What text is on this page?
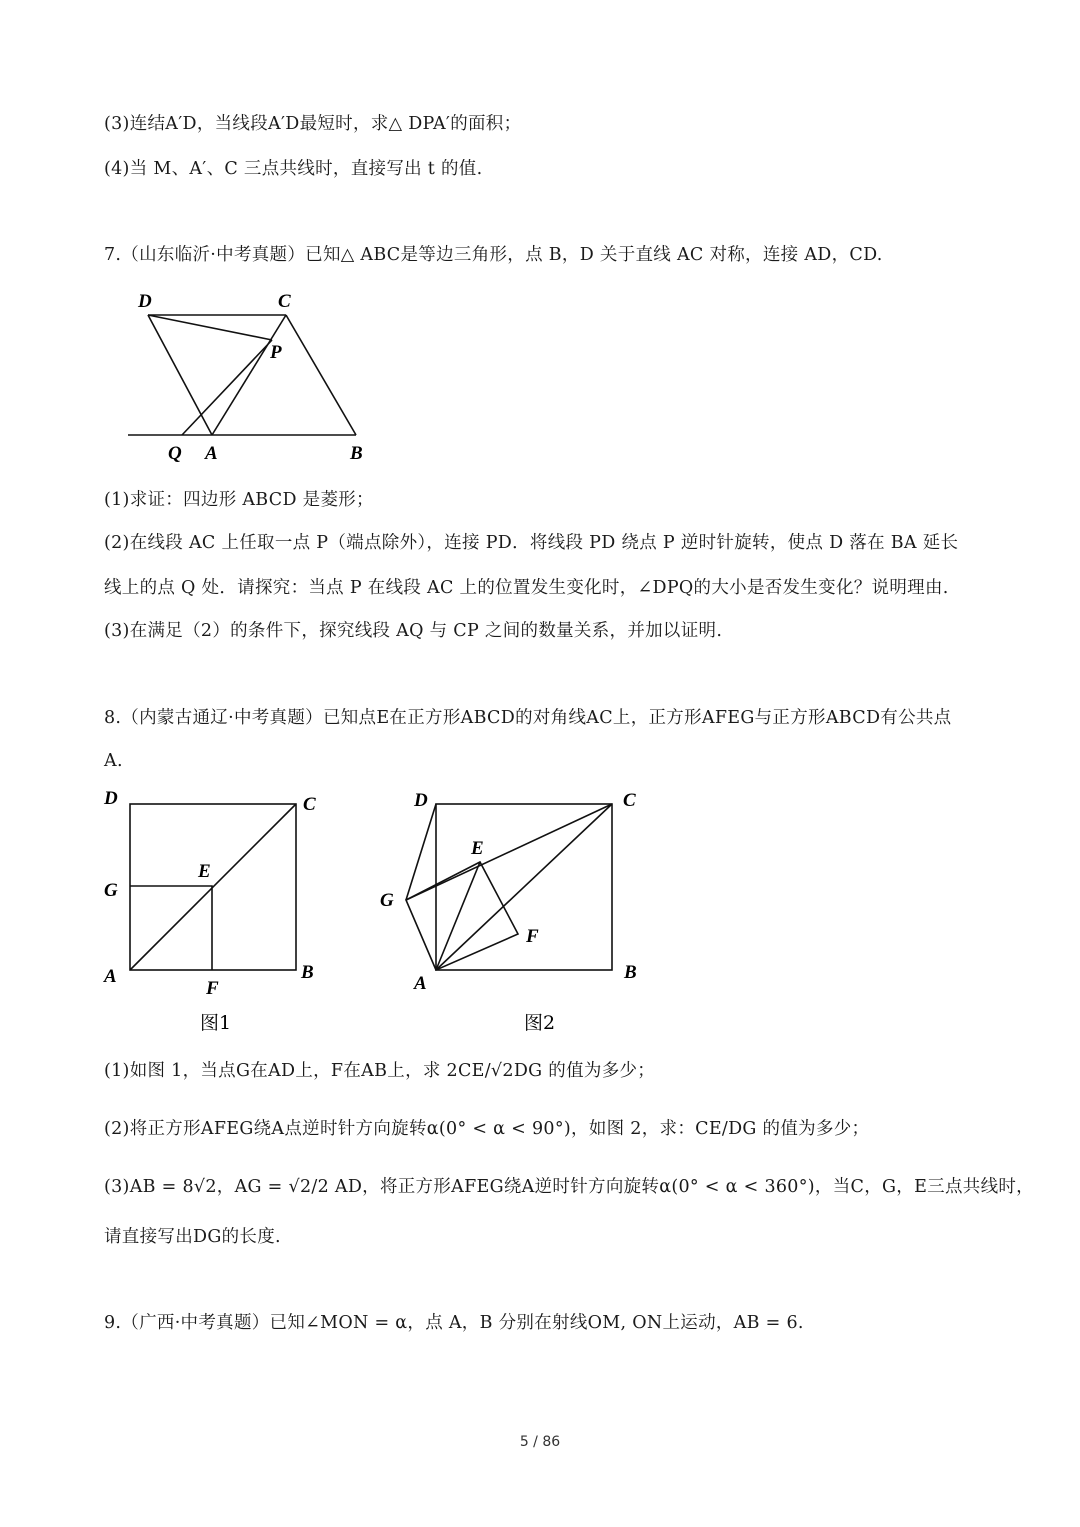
(3)连结A′D，当线段A′D最短时，求△ DPA′的面积；
(4)当 M、A′、C 三点共线时，直接写出 t 的值.
7.（山东临沂·中考真题）已知△ ABC是等边三角形，点 B，D 关于直线 AC 对称，连接 AD，CD.
D	C
P
Q A	B
(1)求证：四边形 ABCD 是菱形；
(2)在线段 AC 上任取一点 P（端点除外），连接 PD．将线段 PD 绕点 P 逆时针旋转，使点 D 落在 BA 延长
线上的点 Q 处．请探究：当点 P 在线段 AC 上的位置发生变化时，∠DPQ的大小是否发生变化？说明理由.
(3)在满足（2）的条件下，探究线段 AQ 与 CP 之间的数量关系，并加以证明.
8.（内蒙古通辽·中考真题）已知点E在正方形ABCD的对角线AC上，正方形AFEG与正方形ABCD有公共点
A.
D	C
E
G
A
F
B
图1
D	C
E
G
F
A
B
图2
(1)如图 1，当点G在AD上，F在AB上，求 2CE/√2DG 的值为多少；
(2)将正方形AFEG绕A点逆时针方向旋转α(0° < α < 90°)，如图 2，求：CE/DG 的值为多少；
(3)AB = 8√2，AG = √2/2 AD，将正方形AFEG绕A逆时针方向旋转α(0° < α < 360°)，当C，G，E三点共线时，
请直接写出DG的长度.
9.（广西·中考真题）已知∠MON = α，点 A，B 分别在射线OM, ON上运动，AB = 6.
5 / 86
